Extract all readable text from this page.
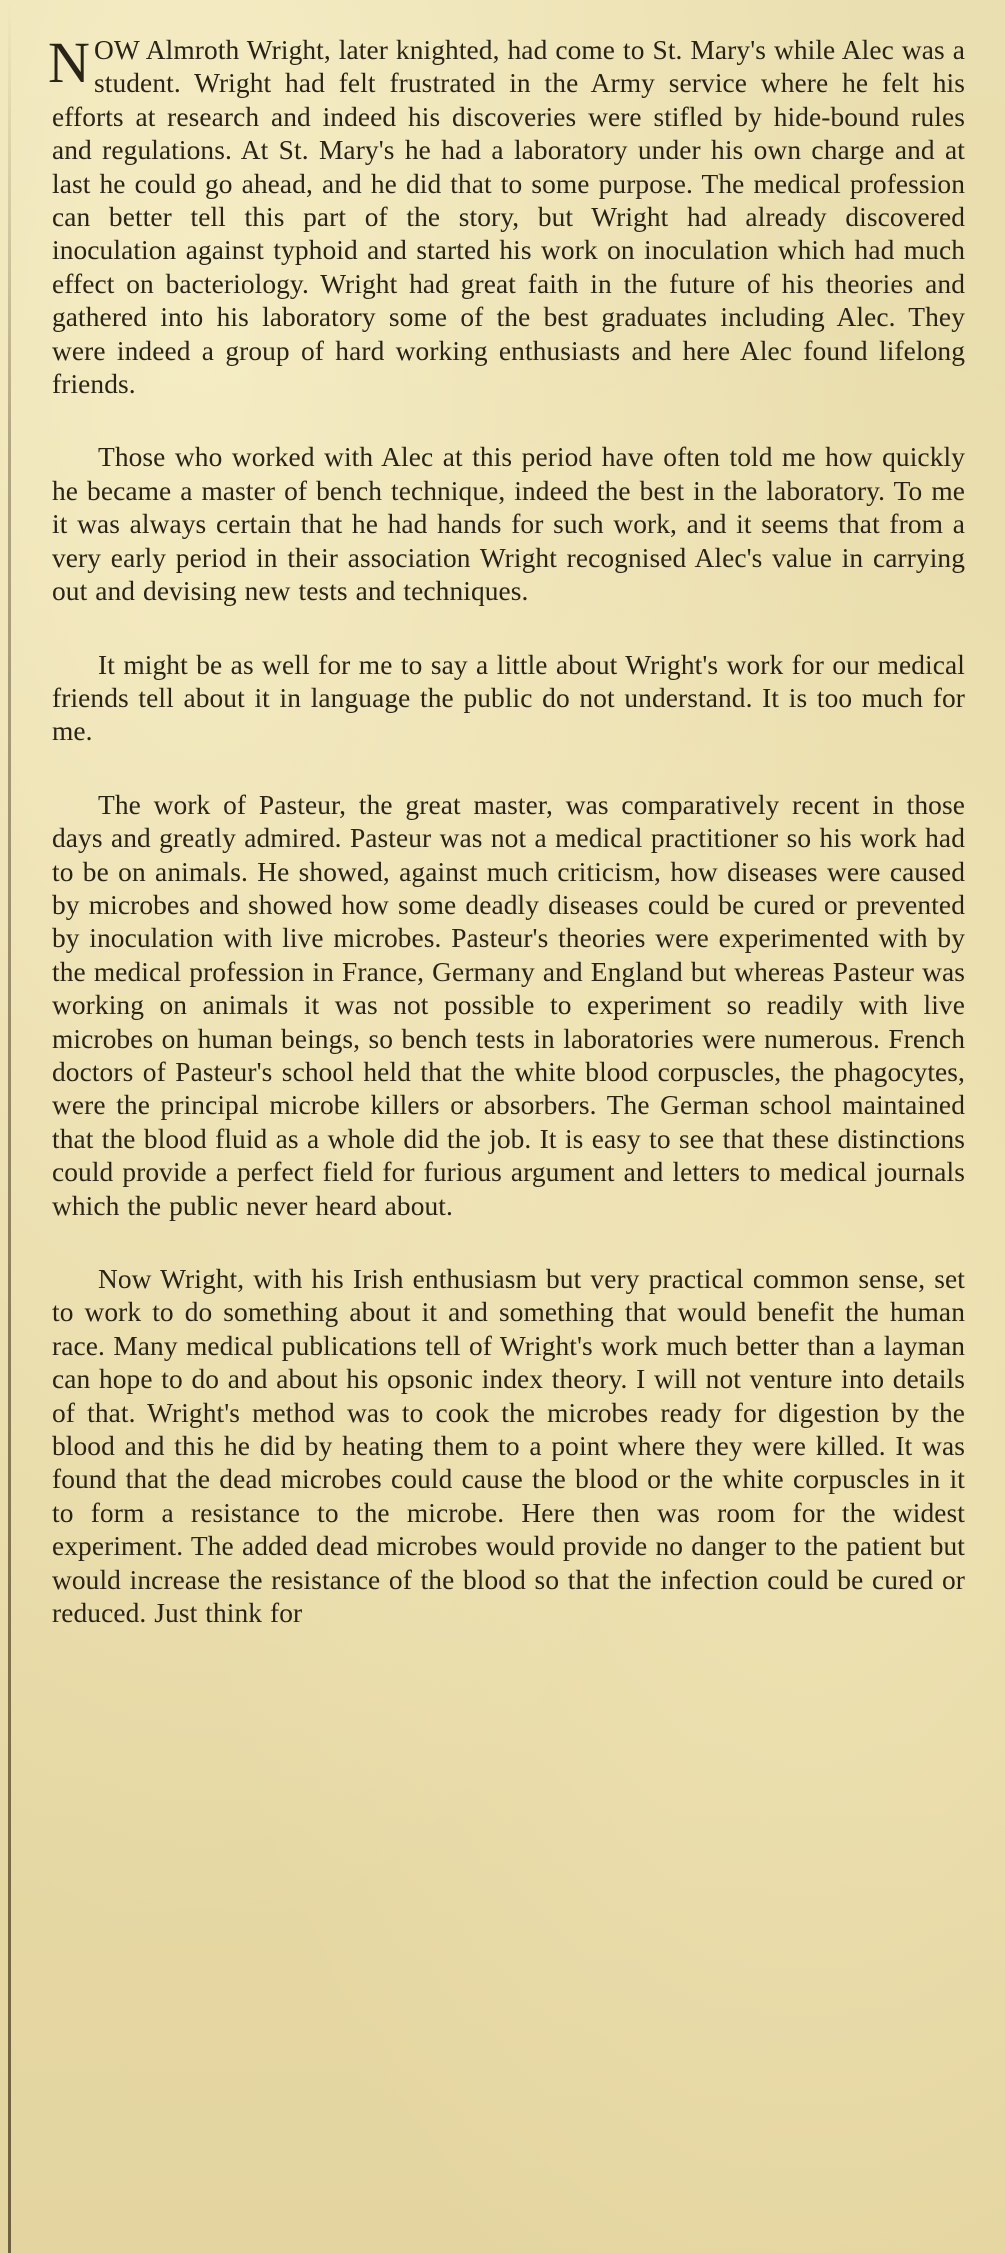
NOW Almroth Wright, later knighted, had come to St. Mary's while Alec was a student. Wright had felt frustrated in the Army service where he felt his efforts at research and indeed his discoveries were stifled by hide-bound rules and regulations. At St. Mary's he had a laboratory under his own charge and at last he could go ahead, and he did that to some purpose. The medical profession can better tell this part of the story, but Wright had already discovered inoculation against typhoid and started his work on inoculation which had much effect on bacteriology. Wright had great faith in the future of his theories and gathered into his laboratory some of the best graduates including Alec. They were indeed a group of hard working enthusiasts and here Alec found lifelong friends.

Those who worked with Alec at this period have often told me how quickly he became a master of bench technique, indeed the best in the laboratory. To me it was always certain that he had hands for such work, and it seems that from a very early period in their association Wright recognised Alec's value in carrying out and devising new tests and techniques.

It might be as well for me to say a little about Wright's work for our medical friends tell about it in language the public do not understand. It is too much for me.

The work of Pasteur, the great master, was comparatively recent in those days and greatly admired. Pasteur was not a medical practitioner so his work had to be on animals. He showed, against much criticism, how diseases were caused by microbes and showed how some deadly diseases could be cured or prevented by inoculation with live microbes. Pasteur's theories were experimented with by the medical profession in France, Germany and England but whereas Pasteur was working on animals it was not possible to experiment so readily with live microbes on human beings, so bench tests in laboratories were numerous. French doctors of Pasteur's school held that the white blood corpuscles, the phagocytes, were the principal microbe killers or absorbers. The German school maintained that the blood fluid as a whole did the job. It is easy to see that these distinctions could provide a perfect field for furious argument and letters to medical journals which the public never heard about.

Now Wright, with his Irish enthusiasm but very practical common sense, set to work to do something about it and something that would benefit the human race. Many medical publications tell of Wright's work much better than a layman can hope to do and about his opsonic index theory. I will not venture into details of that. Wright's method was to cook the microbes ready for digestion by the blood and this he did by heating them to a point where they were killed. It was found that the dead microbes could cause the blood or the white corpuscles in it to form a resistance to the microbe. Here then was room for the widest experiment. The added dead microbes would provide no danger to the patient but would increase the resistance of the blood so that the infection could be cured or reduced. Just think for
